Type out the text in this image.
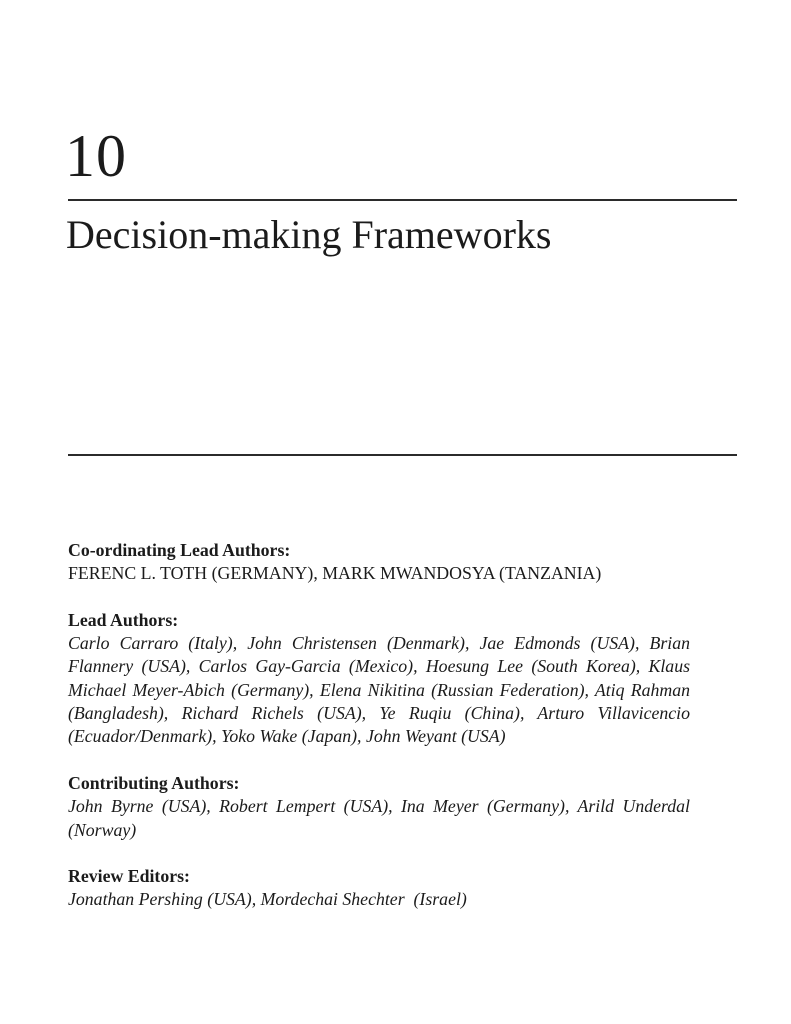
10
Decision-making Frameworks
Co-ordinating Lead Authors:
FERENC L. TOTH (GERMANY), MARK MWANDOSYA (TANZANIA)
Lead Authors:
Carlo Carraro (Italy), John Christensen (Denmark), Jae Edmonds (USA), Brian
Flannery (USA), Carlos Gay-Garcia (Mexico), Hoesung Lee (South Korea), Klaus
Michael Meyer-Abich (Germany), Elena Nikitina (Russian Federation), Atiq Rahman
(Bangladesh), Richard Richels (USA), Ye Ruqiu (China), Arturo Villavicencio
(Ecuador/Denmark), Yoko Wake (Japan), John Weyant (USA)
Contributing Authors:
John Byrne (USA), Robert Lempert (USA), Ina Meyer (Germany), Arild Underdal
(Norway)
Review Editors:
Jonathan Pershing (USA), Mordechai Shechter  (Israel)
